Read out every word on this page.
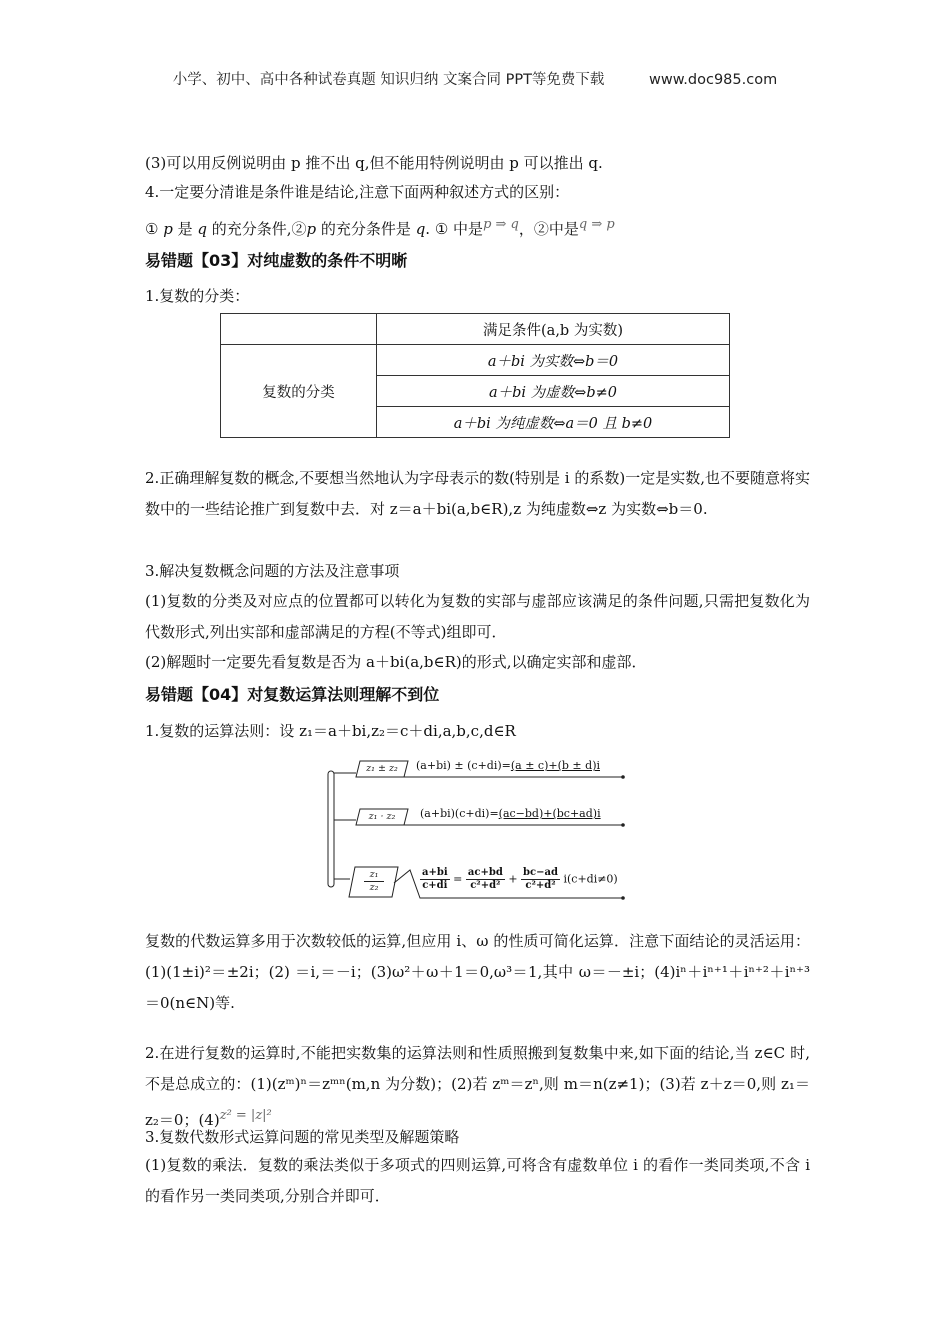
小学、初中、高中各种试卷真题 知识归纳 文案合同 PPT等免费下载	www.doc985.com
(3)可以用反例说明由 p 推不出 q,但不能用特例说明由 p 可以推出 q.
4.一定要分清谁是条件谁是结论,注意下面两种叙述方式的区别：
① p 是 q 的充分条件,②p 的充分条件是 q. ① 中是p ⇒ q，②中是q ⇒ p
易错题【03】对纯虚数的条件不明晰
1.复数的分类：
	满足条件(a,b 为实数)
复数的分类	a＋bi 为实数⇔b＝0
	a＋bi 为虚数⇔b≠0
	a＋bi 为纯虚数⇔a＝0 且 b≠0
2.正确理解复数的概念,不要想当然地认为字母表示的数(特别是 i 的系数)一定是实数,也不要随意将实数中的一些结论推广到复数中去．对 z＝a＋bi(a,b∈R),z 为纯虚数⇔z 为实数⇔b＝0.
3.解决复数概念问题的方法及注意事项
(1)复数的分类及对应点的位置都可以转化为复数的实部与虚部应该满足的条件问题,只需把复数化为代数形式,列出实部和虚部满足的方程(不等式)组即可．
(2)解题时一定要先看复数是否为 a＋bi(a,b∈R)的形式,以确定实部和虚部．
易错题【04】对复数运算法则理解不到位
1.复数的运算法则：设 z₁＝a＋bi,z₂＝c＋di,a,b,c,d∈R
z₁ ± z₂	(a+bi) ± (c+di)=(a ± c)+(b ± d)i
z₁ · z₂	(a+bi)(c+di)=(ac−bd)+(bc+ad)i
$\frac{\text{z₁}}{\text{z₂}}$	$\frac{a+bi}{c+di} = \frac{ac+bd}{\text{c²+d²}} + \frac{bc-ad}{\text{c²+d²}} i(c+di\ne 0)$
复数的代数运算多用于次数较低的运算,但应用 i、ω 的性质可简化运算．注意下面结论的灵活运用：(1)(1±i)²＝±2i；(2) ＝i,＝－i；(3)ω²＋ω＋1＝0,ω³＝1,其中 ω＝－±i；(4)iⁿ＋iⁿ⁺¹＋iⁿ⁺²＋iⁿ⁺³＝0(n∈N)等.
2.在进行复数的运算时,不能把实数集的运算法则和性质照搬到复数集中来,如下面的结论,当 z∈C 时,不是总成立的：(1)(zᵐ)ⁿ＝zᵐⁿ(m,n 为分数)；(2)若 zᵐ＝zⁿ,则 m＝n(z≠1)；(3)若 z＋z＝0,则 z₁＝z₂＝0；(4)z² = |z|²
3.复数代数形式运算问题的常见类型及解题策略
(1)复数的乘法．复数的乘法类似于多项式的四则运算,可将含有虚数单位 i 的看作一类同类项,不含 i 的看作另一类同类项,分别合并即可．
